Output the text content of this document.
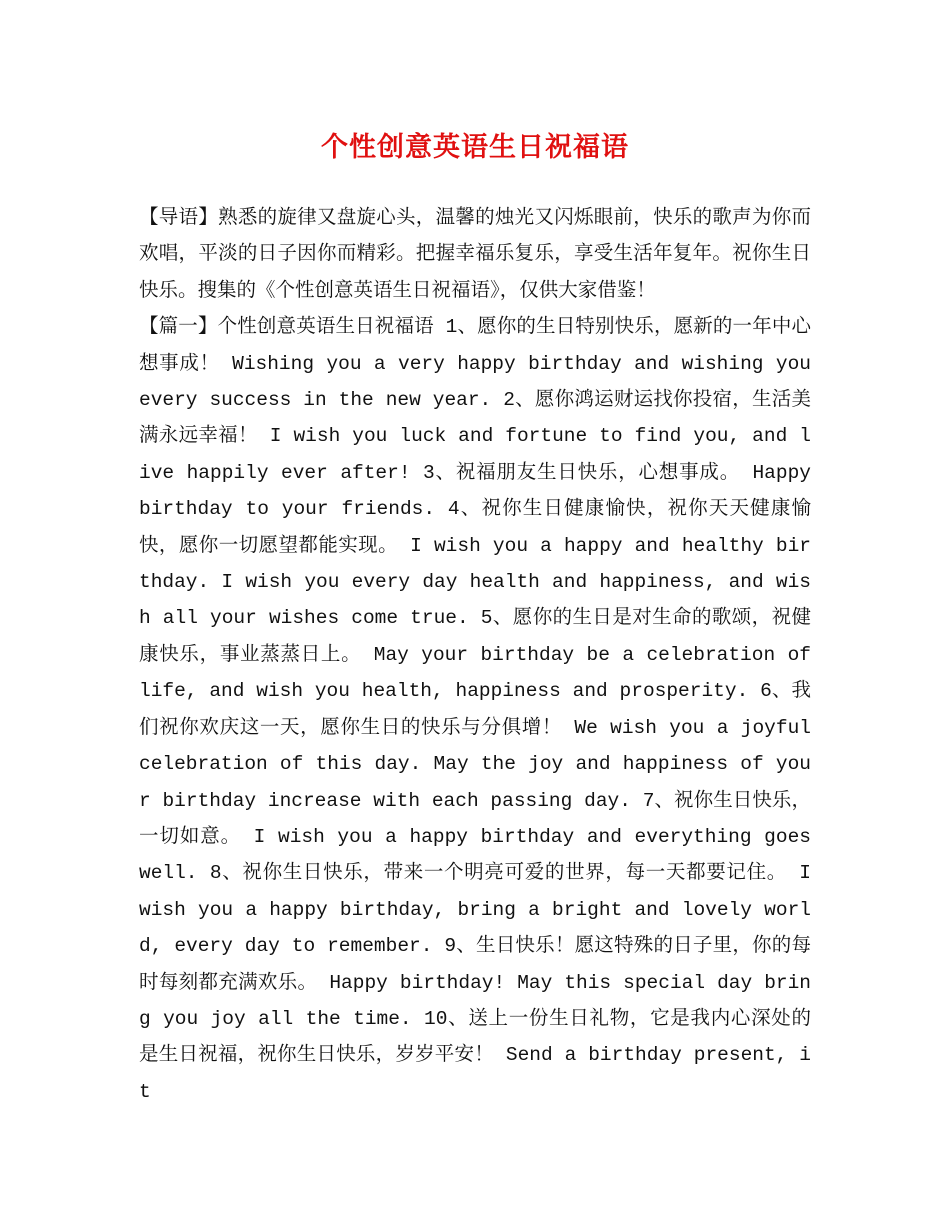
个性创意英语生日祝福语

【导语】熟悉的旋律又盘旋心头，温馨的烛光又闪烁眼前，快乐的歌声为你而欢唱，平淡的日子因你而精彩。把握幸福乐复乐，享受生活年复年。祝你生日快乐。搜集的《个性创意英语生日祝福语》，仅供大家借鉴！

【篇一】个性创意英语生日祝福语 1、愿你的生日特别快乐，愿新的一年中心想事成！ Wishing you a very happy birthday and wishing you every success in the new year. 2、愿你鸿运财运找你投宿，生活美满永远幸福！ I wish you luck and fortune to find you, and live happily ever after! 3、祝福朋友生日快乐，心想事成。 Happy birthday to your friends. 4、祝你生日健康愉快，祝你天天健康愉快，愿你一切愿望都能实现。 I wish you a happy and healthy birthday. I wish you every day health and happiness, and wish all your wishes come true. 5、愿你的生日是对生命的歌颂，祝健康快乐，事业蒸蒸日上。 May your birthday be a celebration of life, and wish you health, happiness and prosperity. 6、我们祝你欢庆这一天，愿你生日的快乐与分俱增！ We wish you a joyful celebration of this day. May the joy and happiness of your birthday increase with each passing day. 7、祝你生日快乐，一切如意。 I wish you a happy birthday and everything goes well. 8、祝你生日快乐，带来一个明亮可爱的世界，每一天都要记住。 I wish you a happy birthday, bring a bright and lovely world, every day to remember. 9、生日快乐！愿这特殊的日子里，你的每时每刻都充满欢乐。 Happy birthday! May this special day bring you joy all the time. 10、送上一份生日礼物，它是我内心深处的是生日祝福，祝你生日快乐，岁岁平安！ Send a birthday present, it
